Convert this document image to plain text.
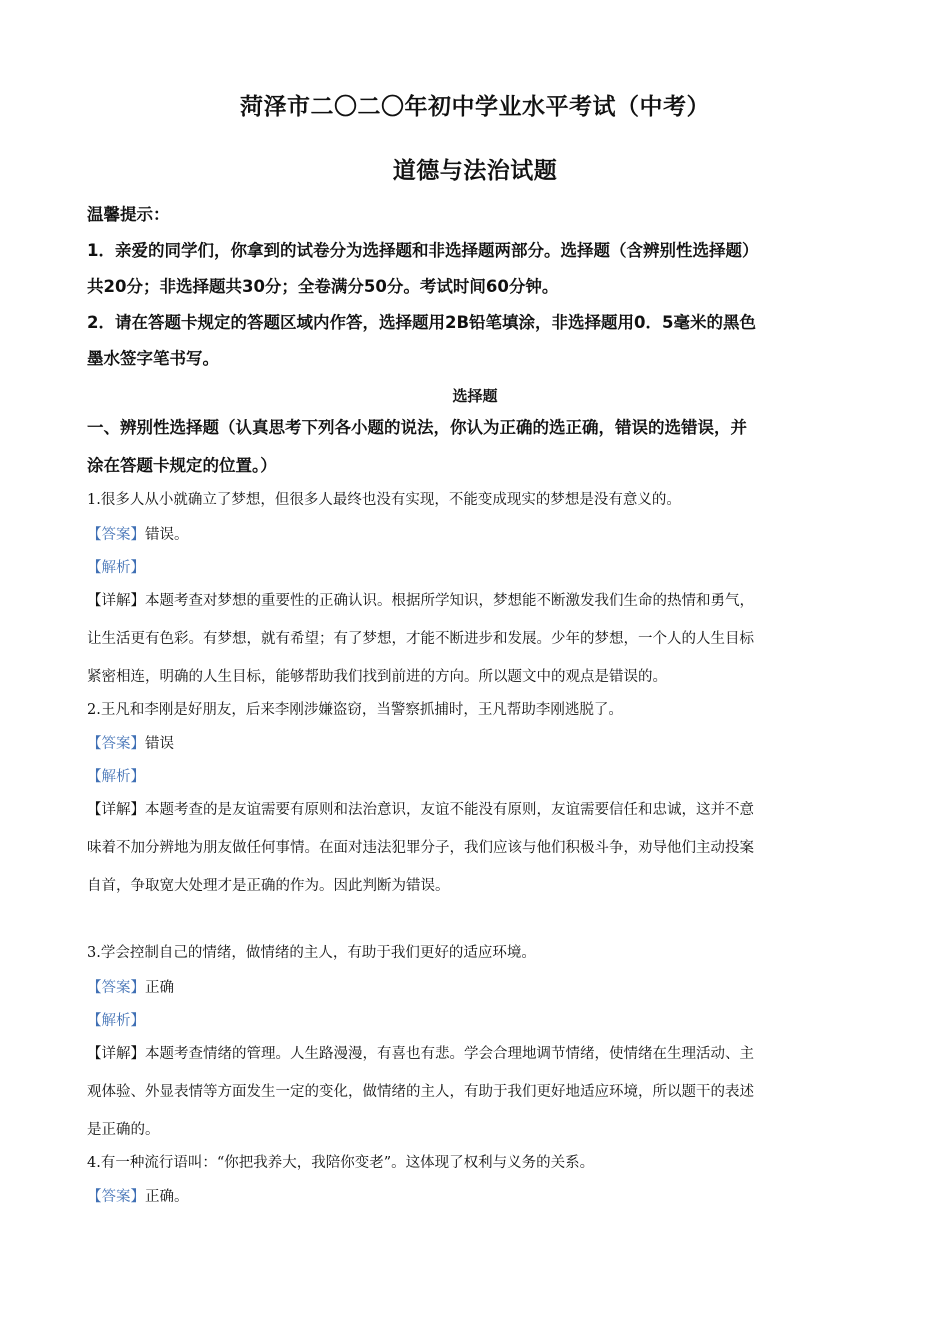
菏泽市二〇二〇年初中学业水平考试（中考）
道德与法治试题

温馨提示：

1．亲爱的同学们，你拿到的试卷分为选择题和非选择题两部分。选择题（含辨别性选择题）

共20分；非选择题共30分；全卷满分50分。考试时间60分钟。

2．请在答题卡规定的答题区域内作答，选择题用2B铅笔填涂，非选择题用0．5毫米的黑色

墨水签字笔书写。

选择题

一、辨别性选择题（认真思考下列各小题的说法，你认为正确的选正确，错误的选错误，并

涂在答题卡规定的位置。）

1.很多人从小就确立了梦想，但很多人最终也没有实现，不能变成现实的梦想是没有意义的。

【答案】错误。

【解析】

【详解】本题考查对梦想的重要性的正确认识。根据所学知识，梦想能不断激发我们生命的热情和勇气，
让生活更有色彩。有梦想，就有希望；有了梦想，才能不断进步和发展。少年的梦想，一个人的人生目标
紧密相连，明确的人生目标，能够帮助我们找到前进的方向。所以题文中的观点是错误的。

2.王凡和李刚是好朋友，后来李刚涉嫌盗窃，当警察抓捕时，王凡帮助李刚逃脱了。

【答案】错误

【解析】

【详解】本题考查的是友谊需要有原则和法治意识，友谊不能没有原则，友谊需要信任和忠诚，这并不意
味着不加分辨地为朋友做任何事情。在面对违法犯罪分子，我们应该与他们积极斗争，劝导他们主动投案
自首，争取宽大处理才是正确的作为。因此判断为错误。

3.学会控制自己的情绪，做情绪的主人，有助于我们更好的适应环境。

【答案】正确

【解析】

【详解】本题考查情绪的管理。人生路漫漫，有喜也有悲。学会合理地调节情绪，使情绪在生理活动、主
观体验、外显表情等方面发生一定的变化，做情绪的主人，有助于我们更好地适应环境，所以题干的表述
是正确的。

4.有一种流行语叫：“你把我养大，我陪你变老”。这体现了权利与义务的关系。

【答案】正确。
